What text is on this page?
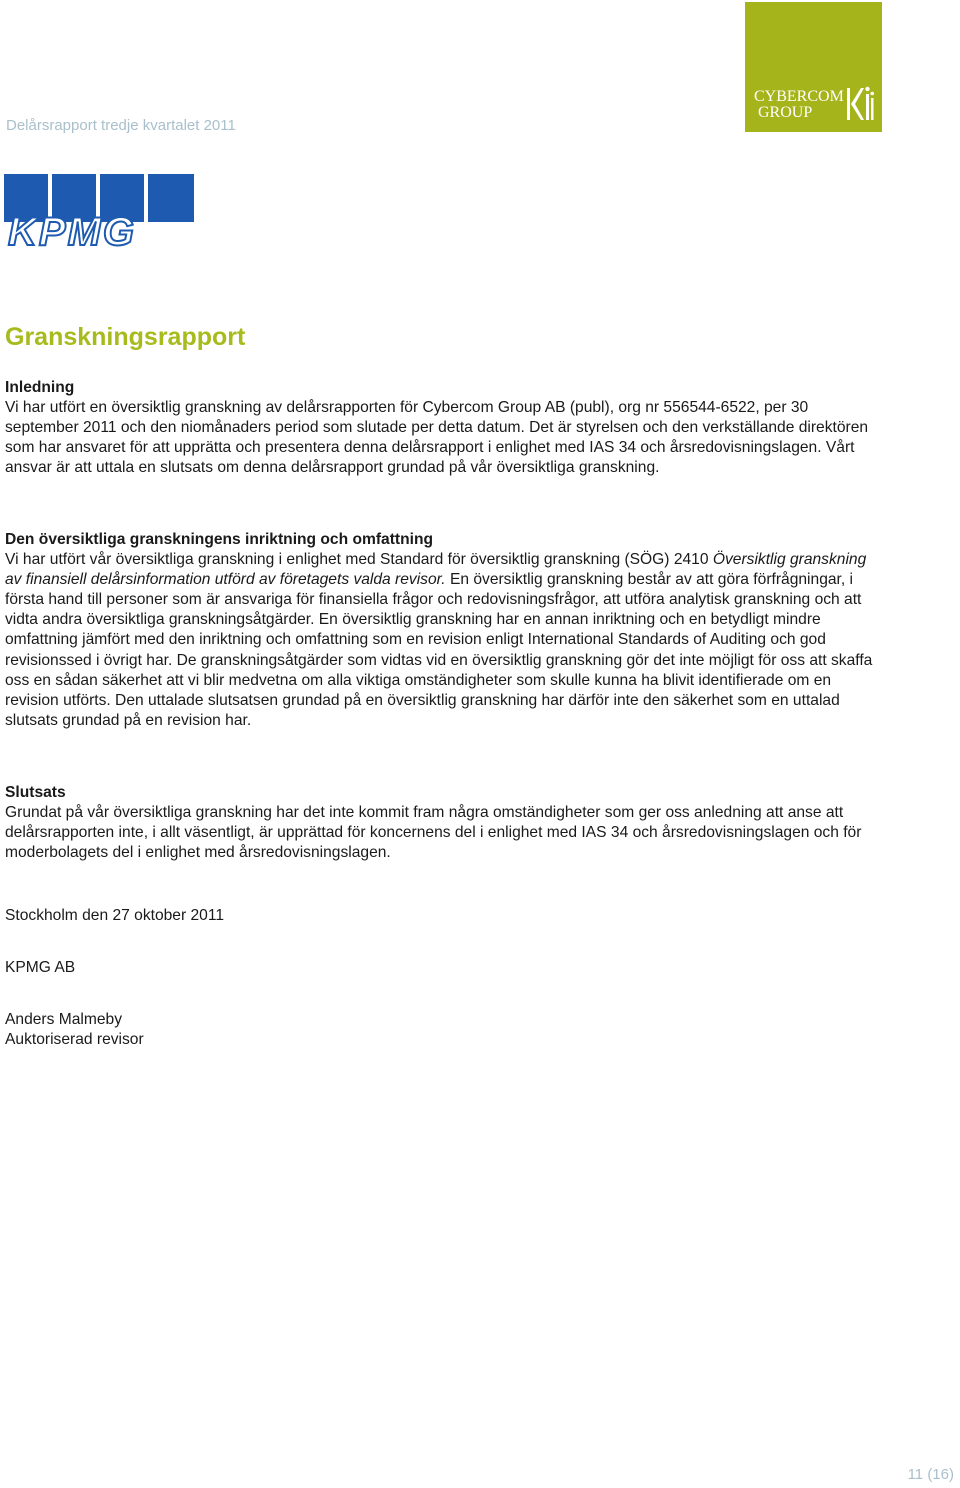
Delårsrapport tredje kvartalet 2011
CYBERCOM
GROUP
KPMG
Granskningsrapport
Inledning

Vi har utfört en översiktlig granskning av delårsrapporten för Cybercom Group AB (publ), org nr 556544-6522, per 30 september 2011 och den niomånaders period som slutade per detta datum. Det är styrelsen och den verkställande direktören som har ansvaret för att upprätta och presentera denna delårsrapport i enlighet med IAS 34 och årsredovisningslagen. Vårt ansvar är att uttala en slutsats om denna delårsrapport grundad på vår översiktliga granskning.

Den översiktliga granskningens inriktning och omfattning

Vi har utfört vår översiktliga granskning i enlighet med Standard för översiktlig granskning (SÖG) 2410 Översiktlig granskning av finansiell delårsinformation utförd av företagets valda revisor. En översiktlig granskning består av att göra förfrågningar, i första hand till personer som är ansvariga för finansiella frågor och redovisningsfrågor, att utföra analytisk granskning och att vidta andra översiktliga granskningsåtgärder. En översiktlig granskning har en annan inriktning och en betydligt mindre omfattning jämfört med den inriktning och omfattning som en revision enligt International Standards of Auditing och god revisionssed i övrigt har. De granskningsåtgärder som vidtas vid en översiktlig granskning gör det inte möjligt för oss att skaffa oss en sådan säkerhet att vi blir medvetna om alla viktiga omständigheter som skulle kunna ha blivit identifierade om en revision utförts. Den uttalade slutsatsen grundad på en översiktlig granskning har därför inte den säkerhet som en uttalad slutsats grundad på en revision har.

Slutsats

Grundat på vår översiktliga granskning har det inte kommit fram några omständigheter som ger oss anledning att anse att delårsrapporten inte, i allt väsentligt, är upprättad för koncernens del i enlighet med IAS 34 och årsredovisningslagen och för moderbolagets del i enlighet med årsredovisningslagen.

Stockholm den 27 oktober 2011
KPMG AB
Anders Malmeby
Auktoriserad revisor
11 (16)
